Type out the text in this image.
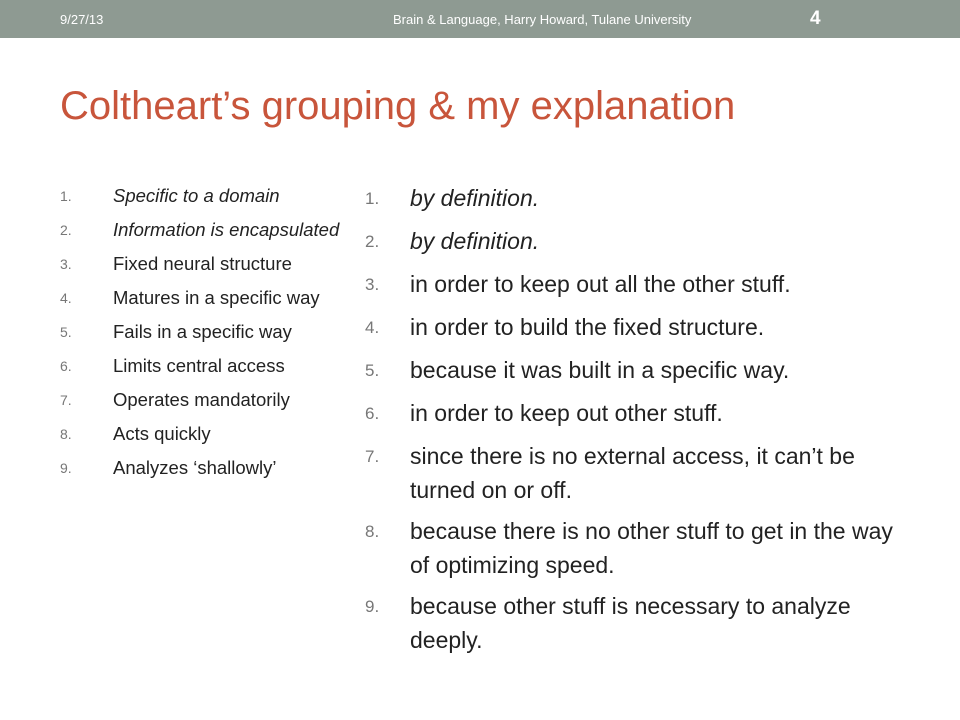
9/27/13	Brain & Language, Harry Howard, Tulane University	4
Coltheart’s grouping & my explanation
1.	Specific to a domain
2.	Information is encapsulated
3.	Fixed neural structure
4.	Matures in a specific way
5.	Fails in a specific way
6.	Limits central access
7.	Operates mandatorily
8.	Acts quickly
9.	Analyzes ‘shallowly’
1.	by definition.
2.	by definition.
3.	in order to keep out all the other stuff.
4.	in order to build the fixed structure.
5.	because it was built in a specific way.
6.	in order to keep out other stuff.
7.	since there is no external access, it can’t be turned on or off.
8.	because there is no other stuff to get in the way of optimizing speed.
9.	because other stuff is necessary to analyze deeply.
